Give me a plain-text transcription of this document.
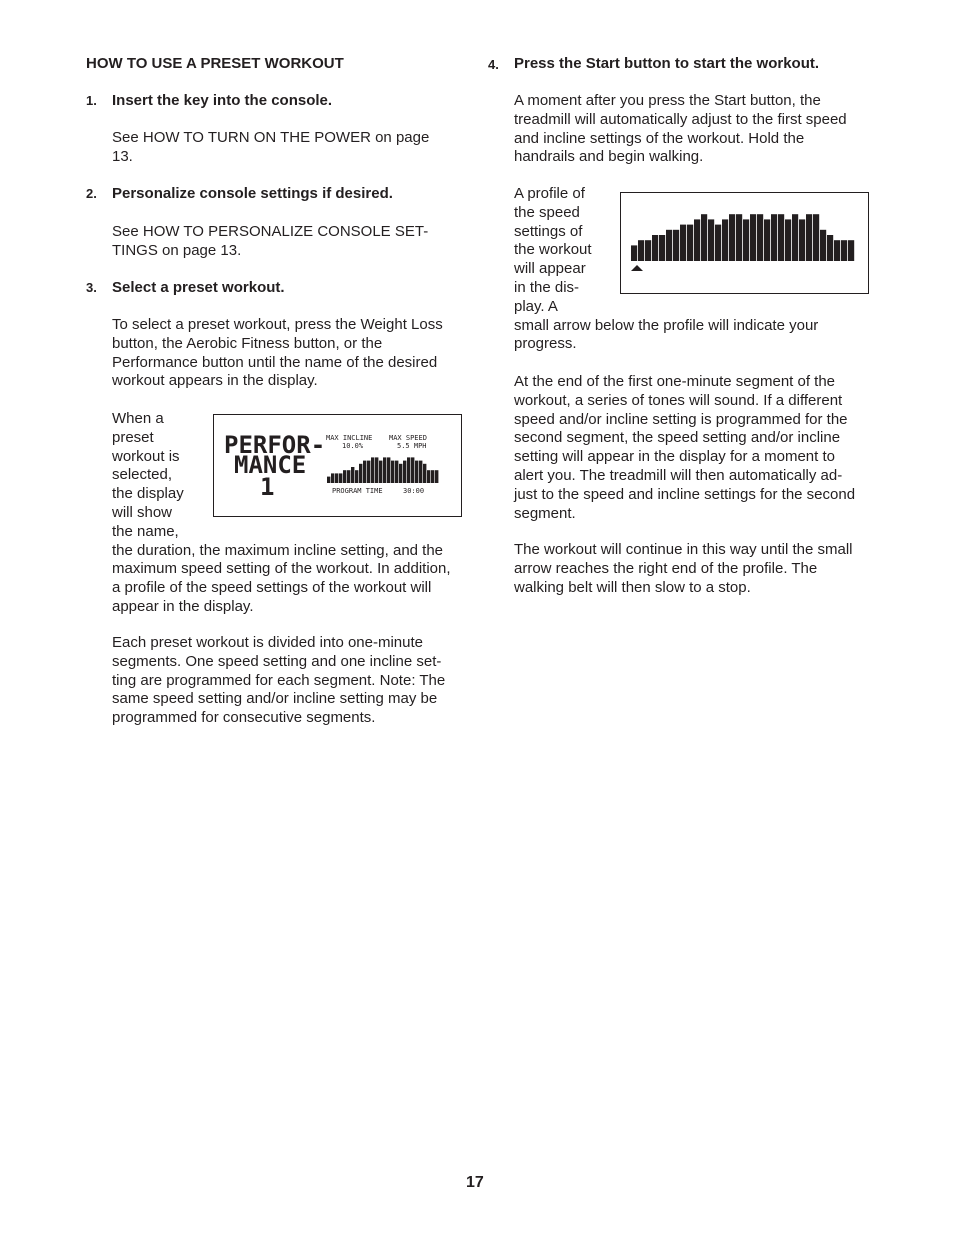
HOW TO USE A PRESET WORKOUT
1. Insert the key into the console.
See HOW TO TURN ON THE POWER on page
13.
2. Personalize console settings if desired.
See HOW TO PERSONALIZE CONSOLE SET-
TINGS on page 13.
3. Select a preset workout.
To select a preset workout, press the Weight Loss
button, the Aerobic Fitness button, or the
Performance button until the name of the desired
workout appears in the display.
When a
preset
workout is
selected,
the display
will show
the name,
the duration, the maximum incline setting, and the
maximum speed setting of the workout. In addition,
a profile of the speed settings of the workout will
appear in the display.
PERFOR-
MANCE
1
MAX INCLINE
10.0%
MAX SPEED
5.5 MPH
PROGRAM TIME	30:00
Each preset workout is divided into one-minute
segments. One speed setting and one incline set-
ting are programmed for each segment. Note: The
same speed setting and/or incline setting may be
programmed for consecutive segments.
4. Press the Start button to start the workout.
A moment after you press the Start button, the
treadmill will automatically adjust to the first speed
and incline settings of the workout. Hold the
handrails and begin walking.
A profile of
the speed
settings of
the workout
will appear
in the dis-
play. A
small arrow below the profile will indicate your
progress.
At the end of the first one-minute segment of the
workout, a series of tones will sound. If a different
speed and/or incline setting is programmed for the
second segment, the speed setting and/or incline
setting will appear in the display for a moment to
alert you. The treadmill will then automatically ad-
just to the speed and incline settings for the second
segment.
The workout will continue in this way until the small
arrow reaches the right end of the profile. The
walking belt will then slow to a stop.
17
